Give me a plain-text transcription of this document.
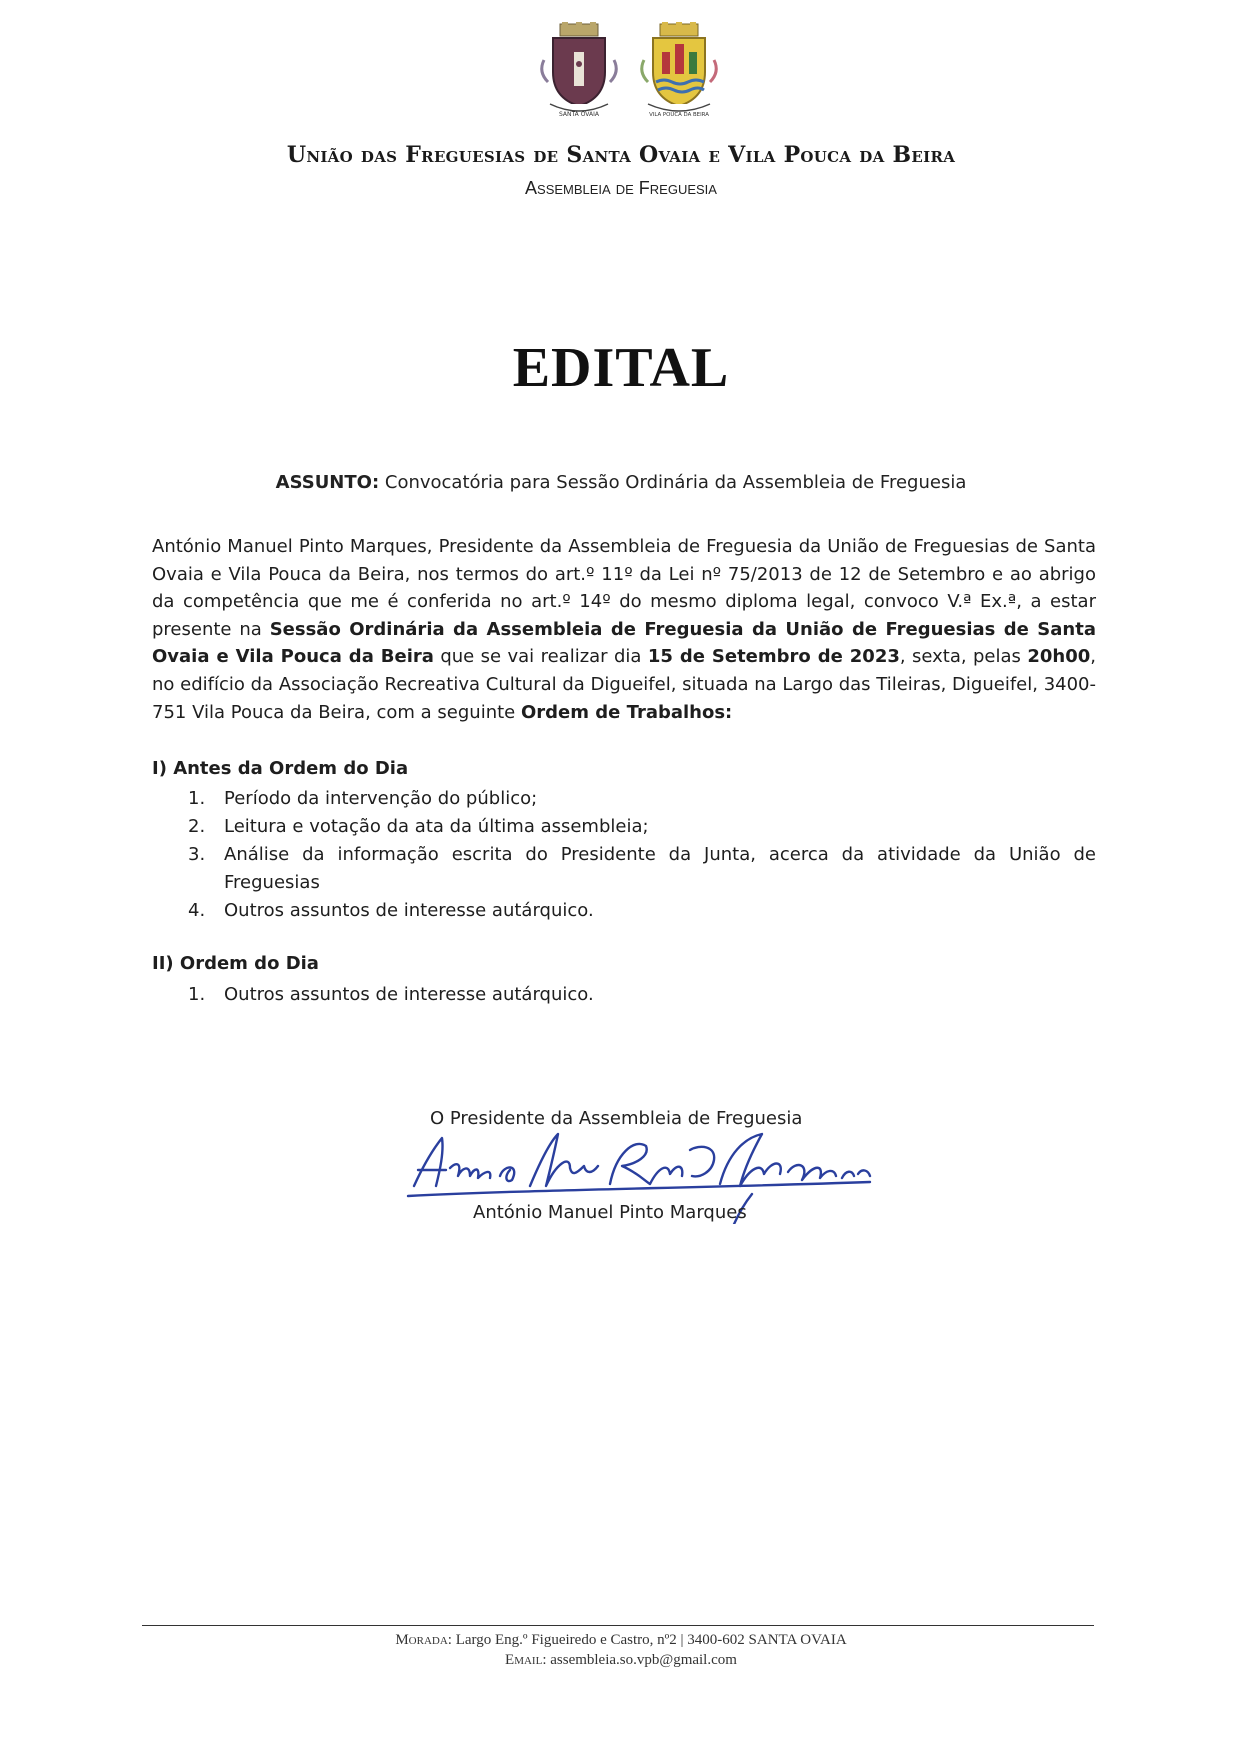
SANTA OVAIA	VILA POUCA DA BEIRA
União das Freguesias de Santa Ovaia e Vila Pouca da Beira
Assembleia de Freguesia
EDITAL
ASSUNTO: Convocatória para Sessão Ordinária da Assembleia de Freguesia
António Manuel Pinto Marques, Presidente da Assembleia de Freguesia da União de Freguesias de Santa Ovaia e Vila Pouca da Beira, nos termos do art.º 11º da Lei nº 75/2013 de 12 de Setembro e ao abrigo da competência que me é conferida no art.º 14º do mesmo diploma legal, convoco V.ª Ex.ª, a estar presente na Sessão Ordinária da Assembleia de Freguesia da União de Freguesias de Santa Ovaia e Vila Pouca da Beira que se vai realizar dia 15 de Setembro de 2023, sexta, pelas 20h00, no edifício da Associação Recreativa Cultural da Digueifel, situada na Largo das Tileiras, Digueifel, 3400-751 Vila Pouca da Beira, com a seguinte Ordem de Trabalhos:
I) Antes da Ordem do Dia
1. Período da intervenção do público;
2. Leitura e votação da ata da última assembleia;
3. Análise da informação escrita do Presidente da Junta, acerca da atividade da União de Freguesias
4. Outros assuntos de interesse autárquico.
II) Ordem do Dia
1. Outros assuntos de interesse autárquico.
O Presidente da Assembleia de Freguesia
António Manuel Pinto Marques
Morada: Largo Eng.º Figueiredo e Castro, nº2 | 3400-602 SANTA OVAIA
Email: assembleia.so.vpb@gmail.com
